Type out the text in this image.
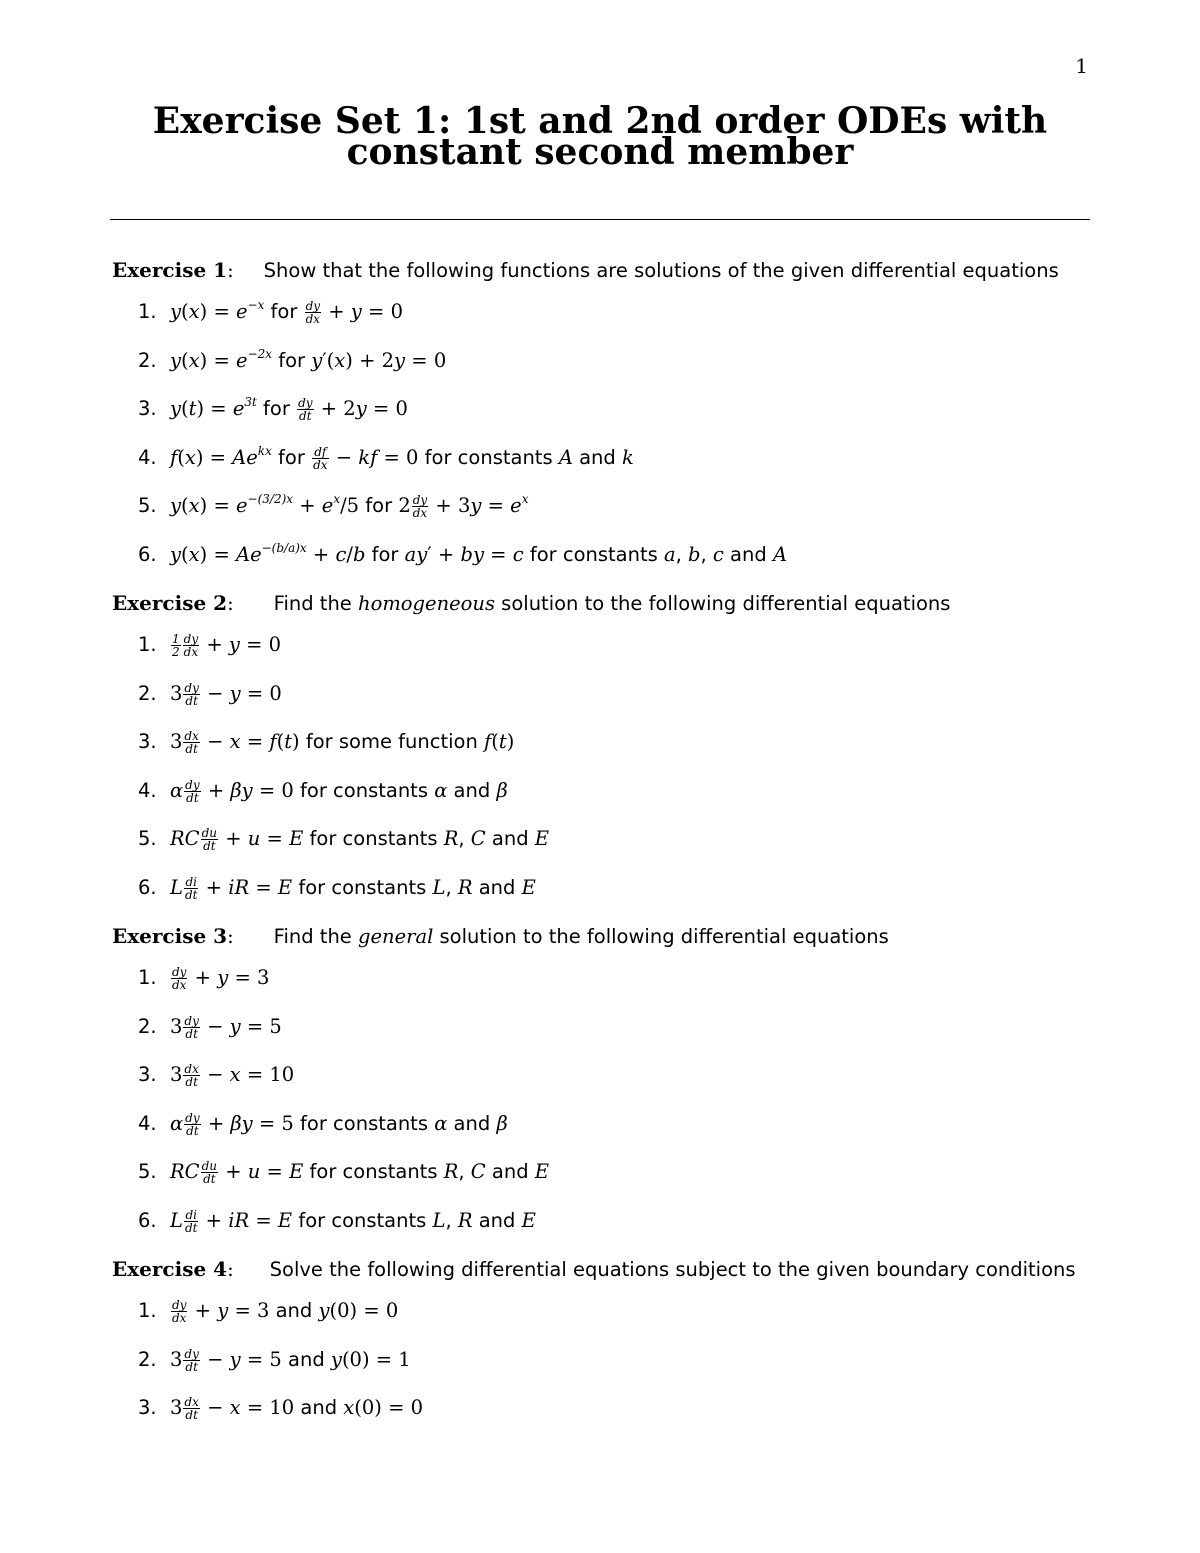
1
Exercise Set 1: 1st and 2nd order ODEs with
constant second member
Exercise 1: Show that the following functions are solutions of the given differential equations
1. $y(x) = e^{-x}$ for $\frac{dy}{dx} + y = 0$
2. $y(x) = e^{-2x}$ for y′(x) + 2y = 0
3. $y(t) = e^{3t}$ for $\frac{dy}{dt} + 2y = 0$
4. $f(x) = Ae^{kx}$ for $\frac{df}{dx}$ − kf = 0 for constants A and k
5. $y(x) = e^{-(3/2)x} + e^x/5$ for $2 \frac{dy}{dx} + 3y = e^x$
6. $y(x) = Ae^{-(b/a)x} + c/b$ for ay′ + by = c for constants a, b, c and A
Exercise 2: Find the homogeneous solution to the following differential equations
1. $\frac{1}{2} \frac{dy}{dx} + y = 0$
2. $3 \frac{dy}{dt} - y = 0$
3. $3 \frac{dx}{dt} - x = f(t)$ for some function f(t)
4. α $\frac{dy}{dt} + \beta y = 0$ for constants α and β
5. RC $\frac{du}{dt} + u = E$ for constants R, C and E
6. L $\frac{di}{dt}$ + iR = E for constants L, R and E
Exercise 3: Find the general solution to the following differential equations
1. $\frac{dy}{dx} + y = 3$
2. $3 \frac{dy}{dt} - y = 5$
3. $3 \frac{dx}{dt} - x = 10$
4. α $\frac{dy}{dt} + \beta y = 5$ for constants α and β
5. RC $\frac{du}{dt} + u = E$ for constants R, C and E
6. L $\frac{di}{dt}$ + iR = E for constants L, R and E
Exercise 4: Solve the following differential equations subject to the given boundary conditions
1. $\frac{dy}{dx} + y = 3$ and y(0) = 0
2. $3 \frac{dy}{dt} - y = 5$ and y(0) = 1
3. $3 \frac{dx}{dt} - x = 10$ and x(0) = 0
